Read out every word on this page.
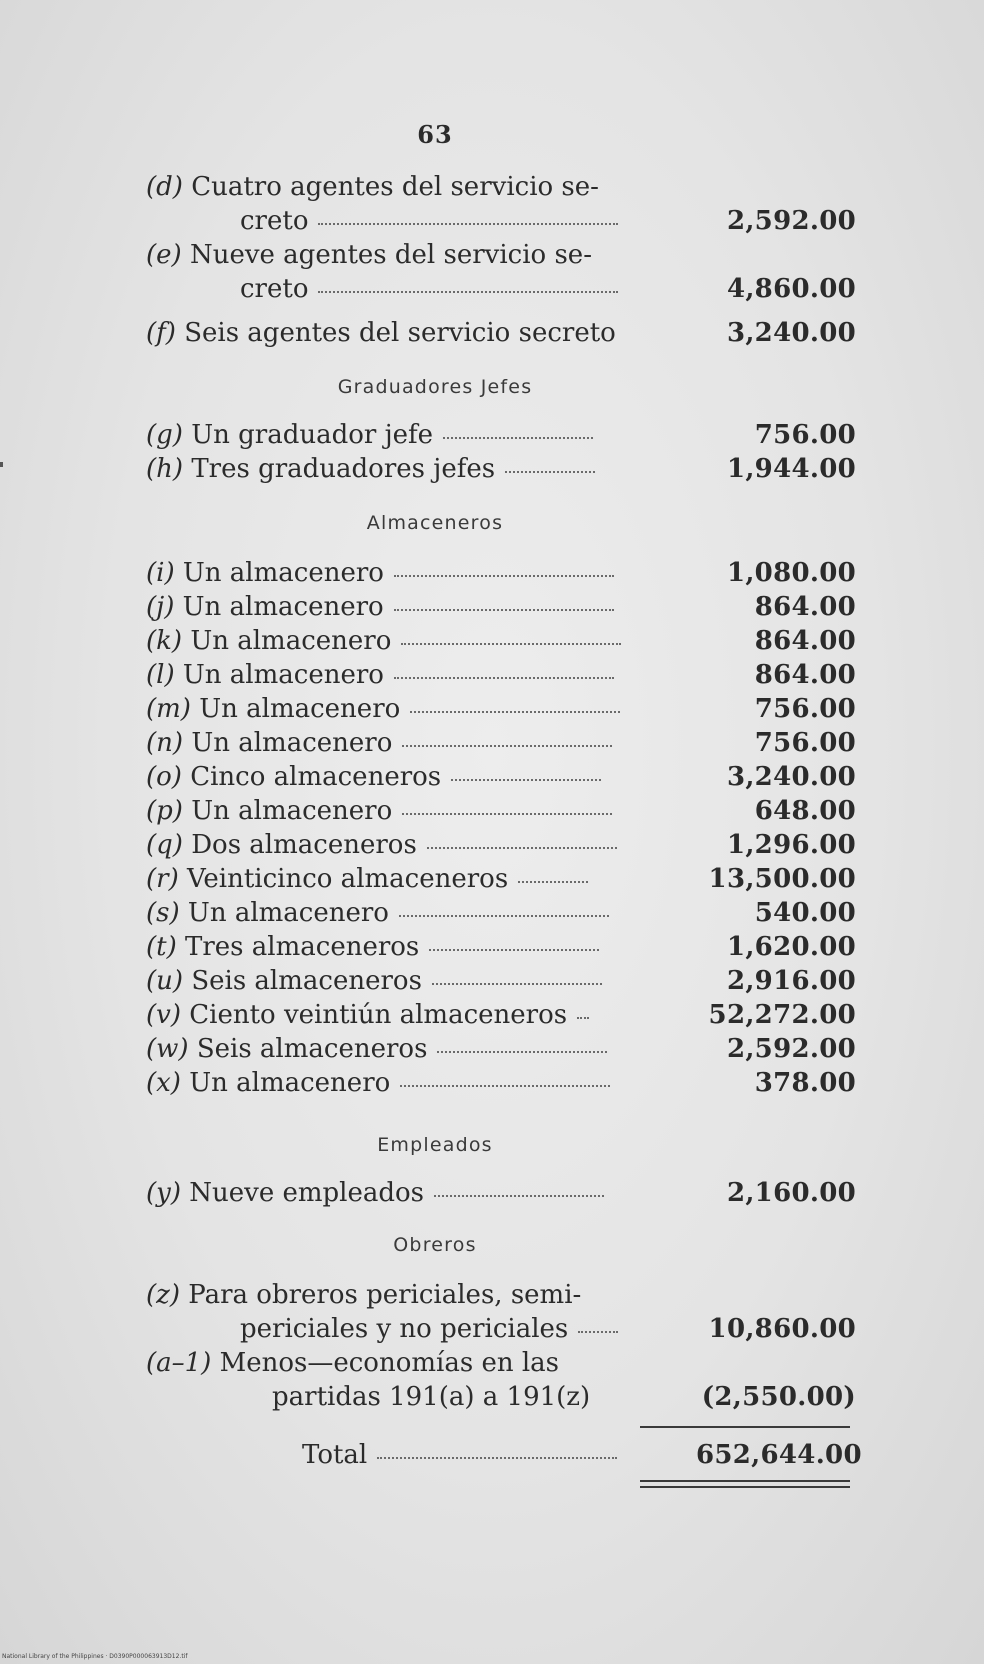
63
(d) Cuatro agentes del servicio se-
creto	2,592.00
(e) Nueve agentes del servicio se-
creto	4,860.00
(f) Seis agentes del servicio secreto	3,240.00
Graduadores Jefes
(g) Un graduador jefe	756.00
(h) Tres graduadores jefes	1,944.00
Almaceneros
(i) Un almacenero	1,080.00
(j) Un almacenero	864.00
(k) Un almacenero	864.00
(l) Un almacenero	864.00
(m) Un almacenero	756.00
(n) Un almacenero	756.00
(o) Cinco almaceneros	3,240.00
(p) Un almacenero	648.00
(q) Dos almaceneros	1,296.00
(r) Veinticinco almaceneros	13,500.00
(s) Un almacenero	540.00
(t) Tres almaceneros	1,620.00
(u) Seis almaceneros	2,916.00
(v) Ciento veintiún almaceneros	52,272.00
(w) Seis almaceneros	2,592.00
(x) Un almacenero	378.00
Empleados
(y) Nueve empleados	2,160.00
Obreros
(z) Para obreros periciales, semi-
periciales y no periciales	10,860.00
(a–1) Menos—economías en las
partidas 191(a) a 191(z)	(2,550.00)
Total	652,644.00
National Library of the Philippines · D0390P000063913D12.tif
